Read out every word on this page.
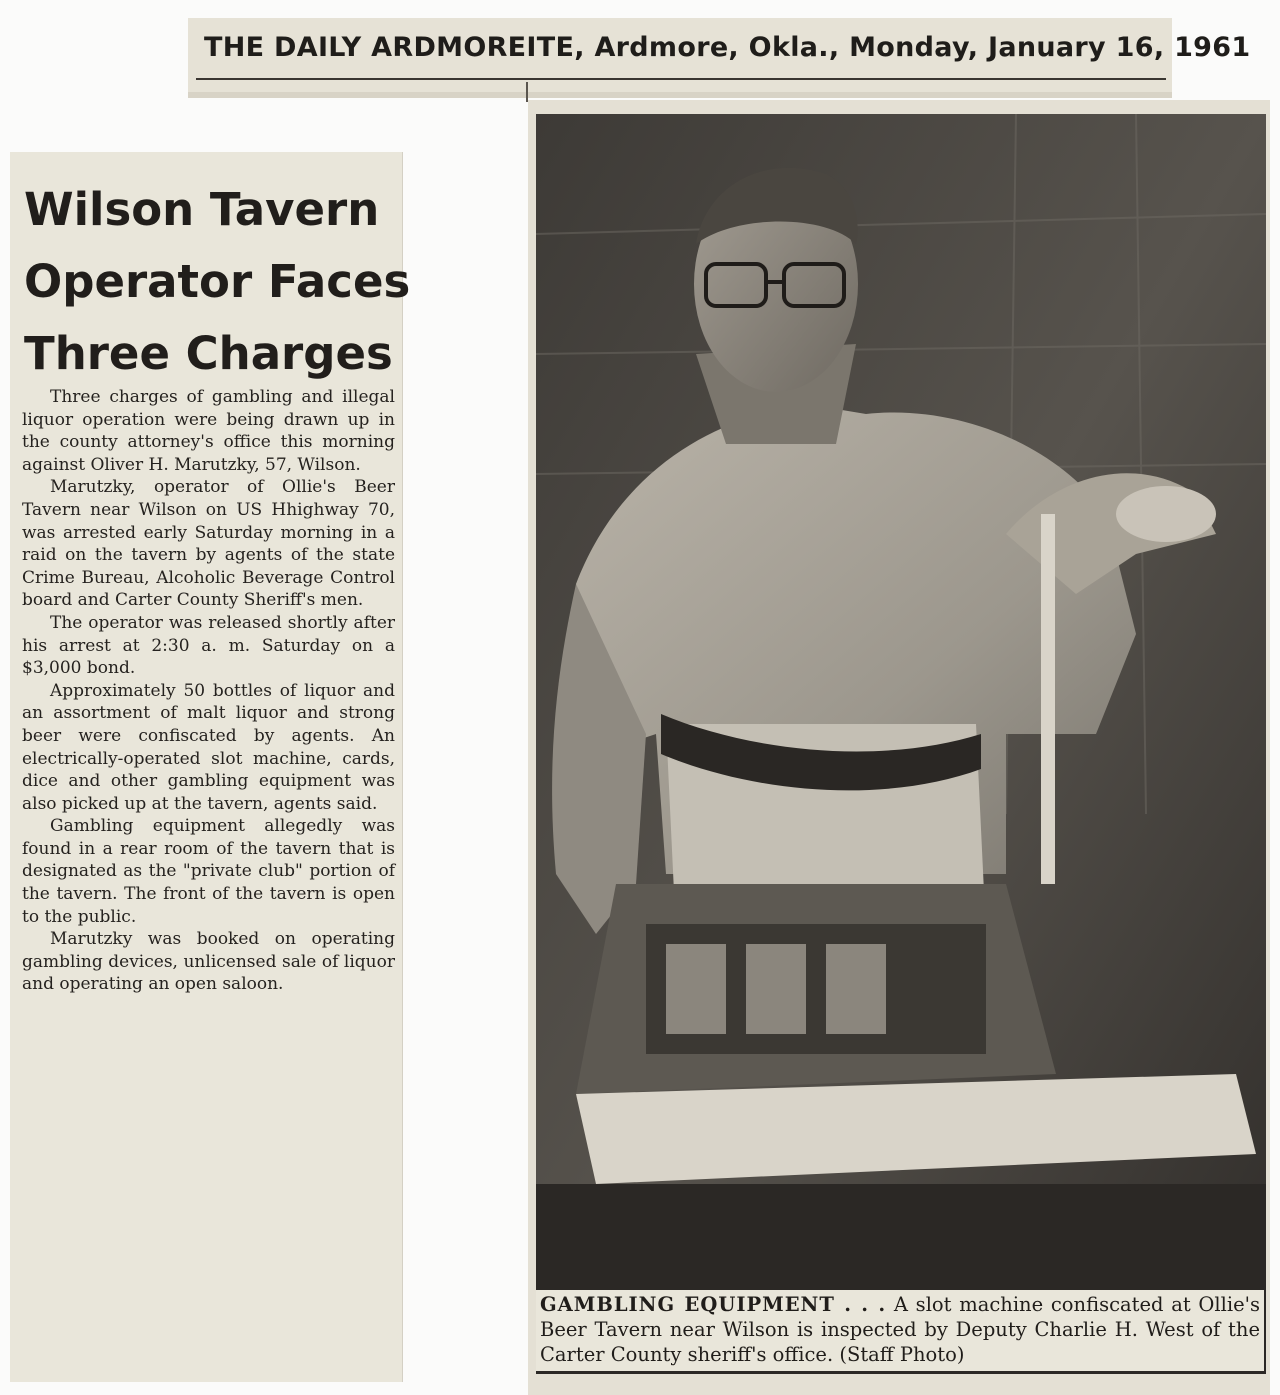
THE DAILY ARDMOREITE, Ardmore, Okla., Monday, January 16, 1961
Wilson Tavern
Operator Faces
Three Charges

Three charges of gambling and illegal liquor operation were being drawn up in the county attorney's office this morning against Oliver H. Marutzky, 57, Wilson.

Marutzky, operator of Ollie's Beer Tavern near Wilson on US Hhighway 70, was arrested early Saturday morning in a raid on the tavern by agents of the state Crime Bureau, Alcoholic Beverage Control board and Carter County Sheriff's men.

The operator was released shortly after his arrest at 2:30 a. m. Saturday on a $3,000 bond.

Approximately 50 bottles of liquor and an assortment of malt liquor and strong beer were confiscated by agents. An electrically-operated slot machine, cards, dice and other gambling equipment was also picked up at the tavern, agents said.

Gambling equipment allegedly was found in a rear room of the tavern that is designated as the "private club" portion of the tavern. The front of the tavern is open to the public.

Marutzky was booked on operating gambling devices, unlicensed sale of liquor and operating an open saloon.

GAMBLING EQUIPMENT . . . A slot machine confiscated at Ollie's Beer Tavern near Wilson is inspected by Deputy Charlie H. West of the Carter County sheriff's office. (Staff Photo)
